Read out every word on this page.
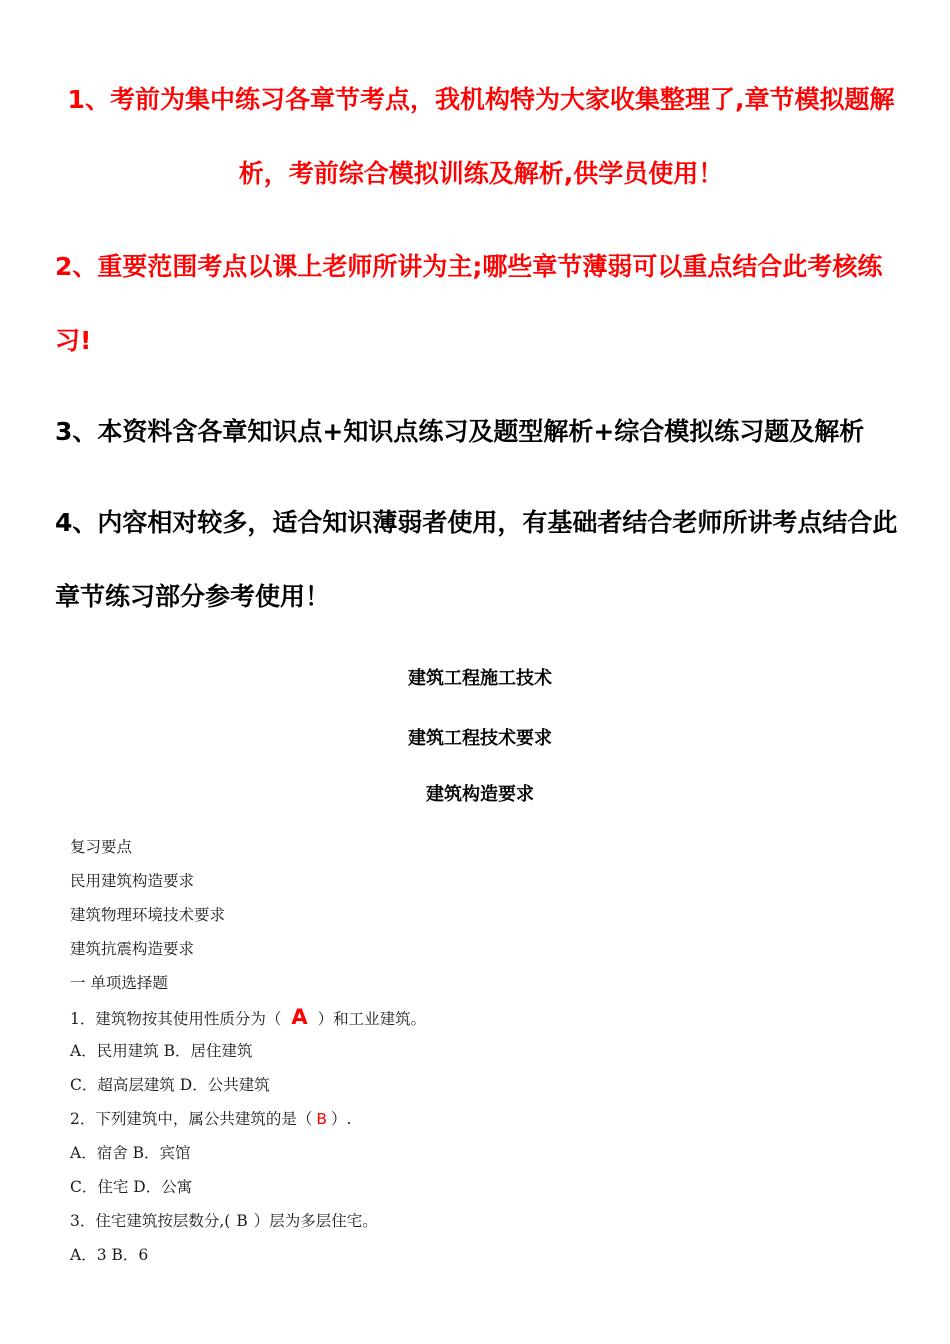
1、考前为集中练习各章节考点，我机构特为大家收集整理了,章节模拟题解析，考前综合模拟训练及解析,供学员使用！

2、重要范围考点以课上老师所讲为主;哪些章节薄弱可以重点结合此考核练习!

3、本资料含各章知识点+知识点练习及题型解析+综合模拟练习题及解析

4、内容相对较多，适合知识薄弱者使用，有基础者结合老师所讲考点结合此章节练习部分参考使用！

建筑工程施工技术
建筑工程技术要求
建筑构造要求
复习要点
民用建筑构造要求
建筑物理环境技术要求
建筑抗震构造要求
一 单项选择题
1．建筑物按其使用性质分为（ A ）和工业建筑。
A．民用建筑 B．居住建筑
C．超高层建筑 D．公共建筑
2．下列建筑中，属公共建筑的是（ B ）.
A．宿舍 B．宾馆
C．住宅 D．公寓
3．住宅建筑按层数分,( B ）层为多层住宅。
A．3 B．6
